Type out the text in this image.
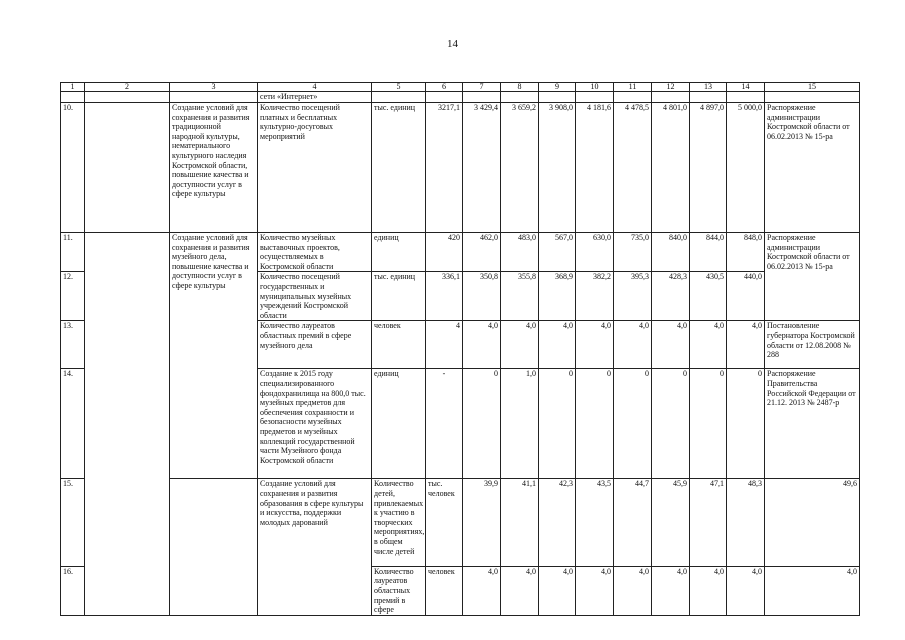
14
1	2	3	4	5	6	7	8	9	10	11	12	13	14	15	
			сети «Интернет»												
10.		Создание условий для сохранения и развития традиционной народной культуры, нематериального культурного наследия Костромской области, повышение качества и доступности услуг в сфере культуры	Количество посещений платных и бесплатных культурно-досуговых мероприятий	тыс. единиц	3217,1	3 429,4	3 659,2	3 908,0	4 181,6	4 478,5	4 801,0	4 897,0	5 000,0	Распоряжение администрации Костромской области от 06.02.2013 № 15-ра	
11.		Создание условий для сохранения и развития музейного дела, повышение качества и доступности услуг в сфере культуры	Количество музейных выставочных проектов, осуществляемых в Костромской области	единиц	420	462,0	483,0	567,0	630,0	735,0	840,0	844,0	848,0	Распоряжение администрации Костромской области от 06.02.2013 № 15-ра	
12.			Количество посещений государственных и муниципальных музейных учреждений Костромской области	тыс. единиц	336,1	350,8	355,8	368,9	382,2	395,3	428,3	430,5	440,0		
13.			Количество лауреатов областных премий в сфере музейного дела	человек	4	4,0	4,0	4,0	4,0	4,0	4,0	4,0	4,0	Постановление губернатора Костромской области от 12.08.2008 № 288	
14.			Создание к 2015 году специализированного фондохранилища на 800,0 тыс. музейных предметов для обеспечения сохранности и безопасности музейных предметов и музейных коллекций государственной части Музейного фонда Костромской области	единиц	-	0	1,0	0	0	0	0	0	0	Распоряжение Правительства Российской Федерации от 21.12. 2013 № 2487-р	
15.			Создание условий для сохранения и развития образования в сфере культуры и искусства, поддержки молодых дарований	Количество детей, привлекаемых к участию в творческих мероприятиях, в общем числе детей	тыс. человек	39,9	41,1	42,3	43,5	44,7	45,9	47,1	48,3	49,6	
16.				Количество лауреатов областных премий в сфере	человек	4,0	4,0	4,0	4,0	4,0	4,0	4,0	4,0	4,0	
